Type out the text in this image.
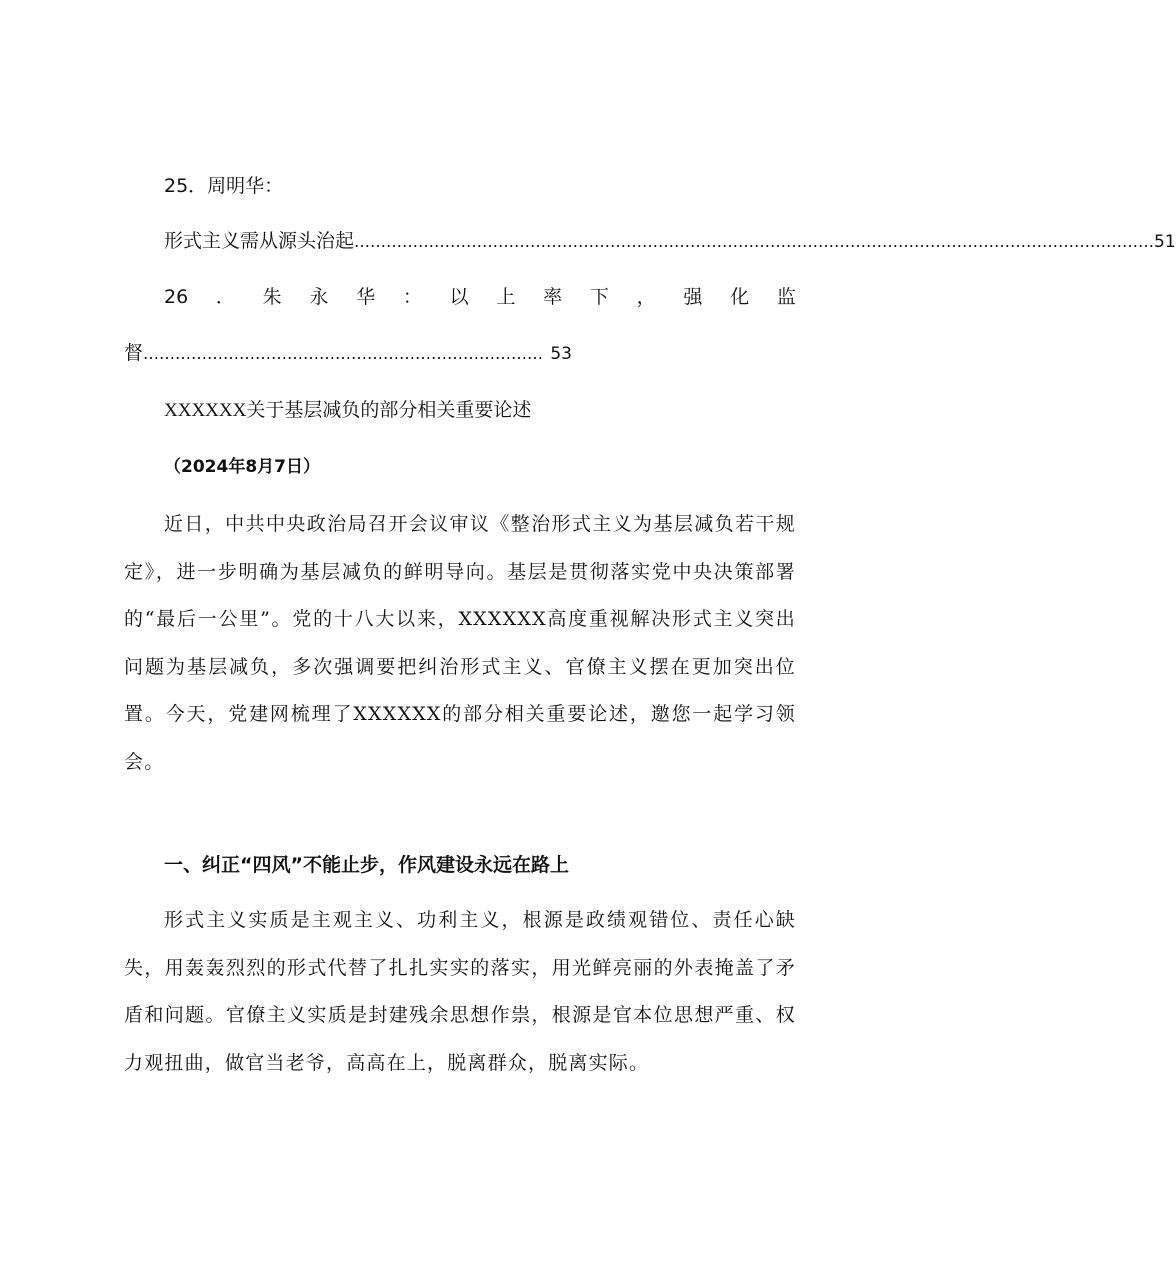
25．周明华：
形式主义需从源头治起 …………………………………………………………………………………………………………………………………… 51
26 ． 朱 永 华 ： 以 上 率 下 ， 强 化 监
督 ………………………………………………………………… 53
XXXXXX关于基层减负的部分相关重要论述
（2024年8月7日）
近日，中共中央政治局召开会议审议《整治形式主义为基层减负若干规定》，进一步明确为基层减负的鲜明导向。基层是贯彻落实党中央决策部署的“最后一公里”。党的十八大以来，XXXXXX高度重视解决形式主义突出问题为基层减负，多次强调要把纠治形式主义、官僚主义摆在更加突出位置。今天，党建网梳理了XXXXXX的部分相关重要论述，邀您一起学习领会。
一、纠正“四风”不能止步，作风建设永远在路上
形式主义实质是主观主义、功利主义，根源是政绩观错位、责任心缺失，用轰轰烈烈的形式代替了扎扎实实的落实，用光鲜亮丽的外表掩盖了矛盾和问题。官僚主义实质是封建残余思想作祟，根源是官本位思想严重、权力观扭曲，做官当老爷，高高在上，脱离群众，脱离实际。
